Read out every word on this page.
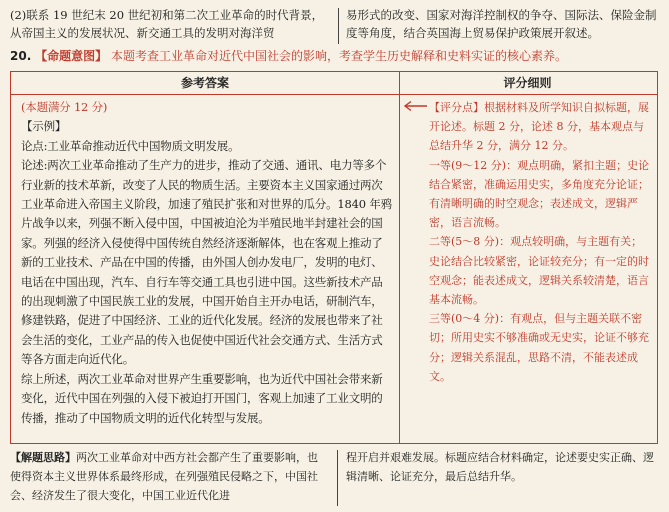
(2)联系 19 世纪末 20 世纪初和第二次工业革命的时代背景，从帝国主义的发展状况、新交通工具的发明对海洋贸
易形式的改变、国家对海洋控制权的争夺、国际法、保险金制度等角度，结合英国海上贸易保护政策展开叙述。
20. 【命题意图】 本题考查工业革命对近代中国社会的影响，考查学生历史解释和史料实证的核心素养。
参考答案	评分细则

(本题满分 12 分)

【示例】

论点:工业革命推动近代中国物质文明发展。

论述:两次工业革命推动了生产力的进步，推动了交通、通讯、电力等多个行业新的技术革新，改变了人民的物质生活。主要资本主义国家通过两次工业革命进入帝国主义阶段，加速了殖民扩张和对世界的瓜分。1840 年鸦片战争以来，列强不断入侵中国，中国被迫沦为半殖民地半封建社会的国家。列强的经济入侵使得中国传统自然经济逐渐解体，也在客观上推动了新的工业技术、产品在中国的传播，由外国人创办发电厂，发明的电灯、电话在中国出现，汽车、自行车等交通工具也引进中国。这些新技术产品的出现刺激了中国民族工业的发展，中国开始自主开办电话，研制汽车，修建铁路，促进了中国经济、工业的近代化发展。经济的发展也带来了社会生活的变化，工业产品的传入也促使中国近代社会交通方式、生活方式等各方面走向近代化。

综上所述，两次工业革命对世界产生重要影响，也为近代中国社会带来新变化，近代中国在列强的入侵下被迫打开国门，客观上加速了工业文明的传播，推动了中国物质文明的近代化转型与发展。

【评分点】根据材料及所学知识自拟标题，展开论述。标题 2 分，论述 8 分，基本观点与总结升华 2 分，满分 12 分。

一等(9～12 分)：观点明确，紧扣主题；史论结合紧密，准确运用史实，多角度充分论证；有清晰明确的时空观念；表述成文，逻辑严密，语言流畅。

二等(5～8 分)：观点较明确，与主题有关；史论结合比较紧密，论证较充分；有一定的时空观念；能表述成文，逻辑关系较清楚，语言基本流畅。

三等(0～4 分)：有观点，但与主题关联不密切；所用史实不够准确或无史实，论证不够充分；逻辑关系混乱，思路不清，不能表述成文。

【解题思路】两次工业革命对中西方社会都产生了重要影响，也使得资本主义世界体系最终形成，在列强殖民侵略之下，中国社会、经济发生了很大变化，中国工业近代化进
程开启并艰难发展。标题应结合材料确定，论述要史实正确、逻辑清晰、论证充分，最后总结升华。
